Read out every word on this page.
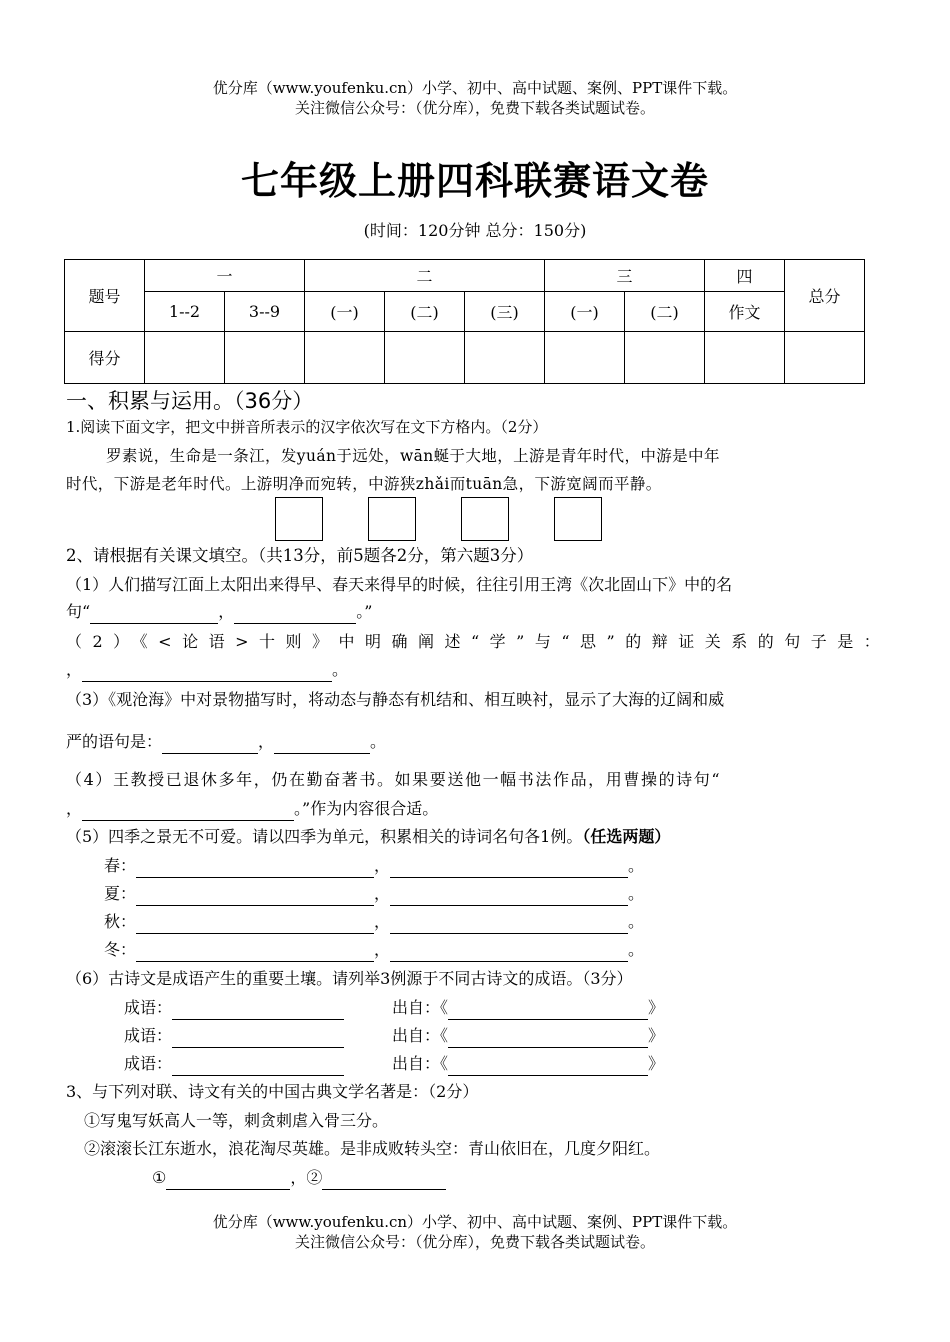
优分库（www.youfenku.cn）小学、初中、高中试题、案例、PPT课件下载。
关注微信公众号：（优分库），免费下载各类试题试卷。
七年级上册四科联赛语文卷
(时间：120分钟 总分：150分)
题号	一		二			三		四	总分
	1--2	3--9	(一)	(二)	(三)	(一)	(二)	作文	
得分									
一、积累与运用。（36分）
1.阅读下面文字，把文中拼音所表示的汉字依次写在文下方格内。（2分）
罗素说，生命是一条江，发yuán于远处，wān蜒于大地，上游是青年时代，中游是中年
时代，下游是老年时代。上游明净而宛转，中游狭zhǎi而tuān急，下游宽阔而平静。
2、请根据有关课文填空。（共13分，前5题各2分，第六题3分）
（1）人们描写江面上太阳出来得早、春天来得早的时候，往往引用王湾《次北固山下》中的名
句“	，	。”
（2）《<论语>十则》中明确阐述“学”与“思”的辩证关系的句子是：
，	。
（3）《观沧海》中对景物描写时，将动态与静态有机结和、相互映衬，显示了大海的辽阔和威
严的语句是：	，	。
（4）王教授已退休多年，仍在勤奋著书。如果要送他一幅书法作品，用曹操的诗句“
，	。”作为内容很合适。
（5）四季之景无不可爱。请以四季为单元，积累相关的诗词名句各1例。（任选两题）
春：	，	。
夏：	，	。
秋：	，	。
冬：	，	。
（6）古诗文是成语产生的重要土壤。请列举3例源于不同古诗文的成语。（3分）
成语：	出自：《	》
成语：	出自：《	》
成语：	出自：《	》
3、与下列对联、诗文有关的中国古典文学名著是：（2分）
①写鬼写妖高人一等，刺贪刺虐入骨三分。
②滚滚长江东逝水，浪花淘尽英雄。是非成败转头空：青山依旧在，几度夕阳红。
①	，②
优分库（www.youfenku.cn）小学、初中、高中试题、案例、PPT课件下载。
关注微信公众号：（优分库），免费下载各类试题试卷。
